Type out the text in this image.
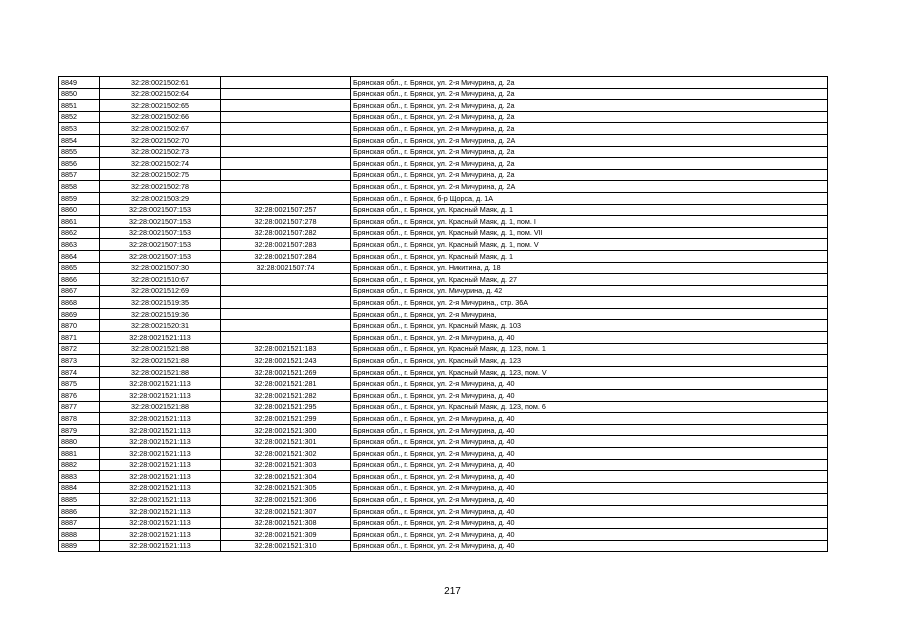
8849	32:28:0021502:61		Брянская обл., г. Брянск, ул. 2-я Мичурина, д. 2а
8850	32:28:0021502:64		Брянская обл., г. Брянск, ул. 2-я Мичурина, д. 2а
8851	32:28:0021502:65		Брянская обл., г. Брянск, ул. 2-я Мичурина, д. 2а
8852	32:28:0021502:66		Брянская обл., г. Брянск, ул. 2-я Мичурина, д. 2а
8853	32:28:0021502:67		Брянская обл., г. Брянск, ул. 2-я Мичурина, д. 2а
8854	32:28:0021502:70		Брянская обл., г. Брянск, ул. 2-я Мичурина, д. 2А
8855	32:28:0021502:73		Брянская обл., г. Брянск, ул. 2-я Мичурина, д. 2а
8856	32:28:0021502:74		Брянская обл., г. Брянск, ул. 2-я Мичурина, д. 2а
8857	32:28:0021502:75		Брянская обл., г. Брянск, ул. 2-я Мичурина, д. 2а
8858	32:28:0021502:78		Брянская обл., г. Брянск, ул. 2-я Мичурина, д. 2А
8859	32:28:0021503:29		Брянская обл., г. Брянск, б-р Щорса, д. 1А
8860	32:28:0021507:153	32:28:0021507:257	Брянская обл., г. Брянск, ул. Красный Маяк, д. 1
8861	32:28:0021507:153	32:28:0021507:278	Брянская обл., г. Брянск, ул. Красный Маяк, д. 1, пом. I
8862	32:28:0021507:153	32:28:0021507:282	Брянская обл., г. Брянск, ул. Красный Маяк, д. 1, пом. VII
8863	32:28:0021507:153	32:28:0021507:283	Брянская обл., г. Брянск, ул. Красный Маяк, д. 1, пом. V
8864	32:28:0021507:153	32:28:0021507:284	Брянская обл., г. Брянск, ул. Красный Маяк, д. 1
8865	32:28:0021507:30	32:28:0021507:74	Брянская обл., г. Брянск, ул. Никитина, д. 18
8866	32:28:0021510:67		Брянская обл., г. Брянск, ул. Красный Маяк, д. 27
8867	32:28:0021512:69		Брянская обл., г. Брянск, ул. Мичурина, д. 42
8868	32:28:0021519:35		Брянская обл., г. Брянск, ул. 2-я Мичурина,, стр. 36А
8869	32:28:0021519:36		Брянская обл., г. Брянск, ул. 2-я Мичурина,
8870	32:28:0021520:31		Брянская обл., г. Брянск, ул. Красный Маяк, д. 103
8871	32:28:0021521:113		Брянская обл., г. Брянск, ул. 2-я Мичурина, д. 40
8872	32:28:0021521:88	32:28:0021521:183	Брянская обл., г. Брянск, ул. Красный Маяк, д. 123, пом. 1
8873	32:28:0021521:88	32:28:0021521:243	Брянская обл., г. Брянск, ул. Красный Маяк, д. 123
8874	32:28:0021521:88	32:28:0021521:269	Брянская обл., г. Брянск, ул. Красный Маяк, д. 123, пом. V
8875	32:28:0021521:113	32:28:0021521:281	Брянская обл., г. Брянск, ул. 2-я Мичурина, д. 40
8876	32:28:0021521:113	32:28:0021521:282	Брянская обл., г. Брянск, ул. 2-я Мичурина, д. 40
8877	32:28:0021521:88	32:28:0021521:295	Брянская обл., г. Брянск, ул. Красный Маяк, д. 123, пом. 6
8878	32:28:0021521:113	32:28:0021521:299	Брянская обл., г. Брянск, ул. 2-я Мичурина, д. 40
8879	32:28:0021521:113	32:28:0021521:300	Брянская обл., г. Брянск, ул. 2-я Мичурина, д. 40
8880	32:28:0021521:113	32:28:0021521:301	Брянская обл., г. Брянск, ул. 2-я Мичурина, д. 40
8881	32:28:0021521:113	32:28:0021521:302	Брянская обл., г. Брянск, ул. 2-я Мичурина, д. 40
8882	32:28:0021521:113	32:28:0021521:303	Брянская обл., г. Брянск, ул. 2-я Мичурина, д. 40
8883	32:28:0021521:113	32:28:0021521:304	Брянская обл., г. Брянск, ул. 2-я Мичурина, д. 40
8884	32:28:0021521:113	32:28:0021521:305	Брянская обл., г. Брянск, ул. 2-я Мичурина, д. 40
8885	32:28:0021521:113	32:28:0021521:306	Брянская обл., г. Брянск, ул. 2-я Мичурина, д. 40
8886	32:28:0021521:113	32:28:0021521:307	Брянская обл., г. Брянск, ул. 2-я Мичурина, д. 40
8887	32:28:0021521:113	32:28:0021521:308	Брянская обл., г. Брянск, ул. 2-я Мичурина, д. 40
8888	32:28:0021521:113	32:28:0021521:309	Брянская обл., г. Брянск, ул. 2-я Мичурина, д. 40
8889	32:28:0021521:113	32:28:0021521:310	Брянская обл., г. Брянск, ул. 2-я Мичурина, д. 40
217
